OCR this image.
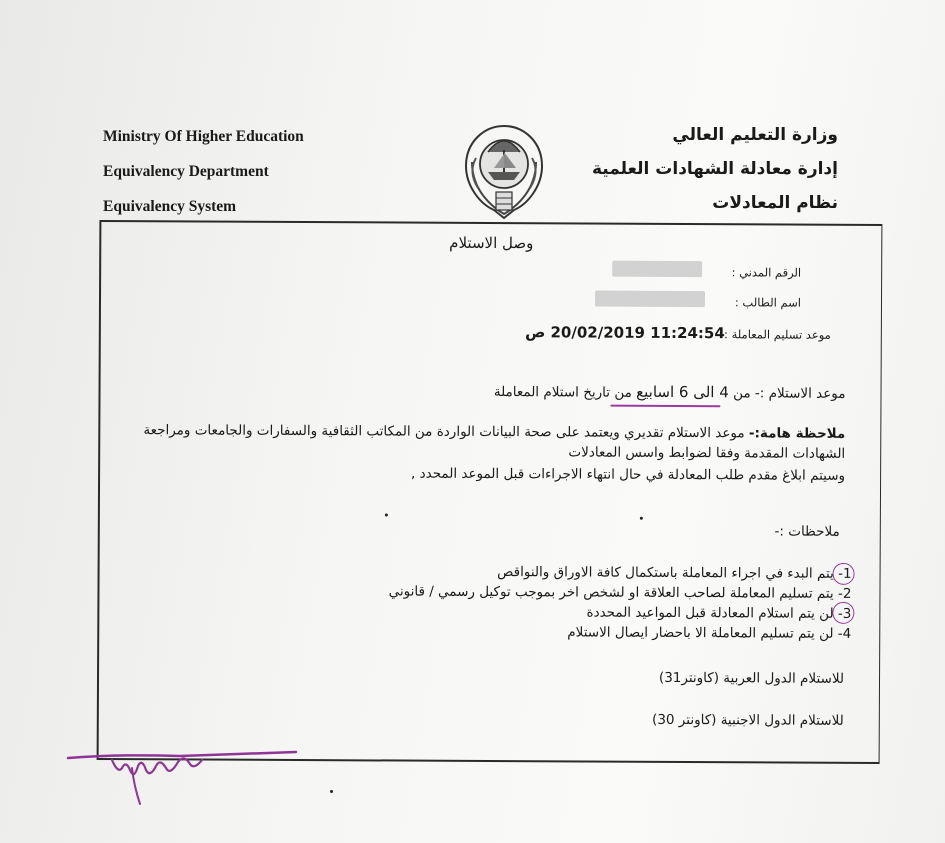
Ministry Of Higher Education
Equivalency Department
Equivalency System
وزارة التعليم العالي
إدارة معادلة الشهادات العلمية
نظام المعادلات
وصل الاستلام
الرقم المدني :
اسم الطالب :
موعد تسليم المعاملة :
11:24:54 20/02/2019 ص
موعد الاستلام :- من 4 الى 6 اسابيع من تاريخ استلام المعاملة
ملاحظة هامة:- موعد الاستلام تقديري ويعتمد على صحة البيانات الواردة من المكاتب الثقافية والسفارات والجامعات ومراجعة
الشهادات المقدمة وفقا لضوابط واسس المعادلات
وسيتم ابلاغ مقدم طلب المعادلة في حال انتهاء الاجراءات قبل الموعد المحدد ,
ملاحظات :-
1- يتم البدء في اجراء المعاملة باستكمال كافة الاوراق والنواقص
2- يتم تسليم المعاملة لصاحب العلاقة او لشخص اخر بموجب توكيل رسمي / قانوني
3- لن يتم استلام المعادلة قبل المواعيد المحددة
4- لن يتم تسليم المعاملة الا باحضار ايصال الاستلام
للاستلام الدول العربية (كاونتر31)
للاستلام الدول الاجنبية (كاونتر 30)
